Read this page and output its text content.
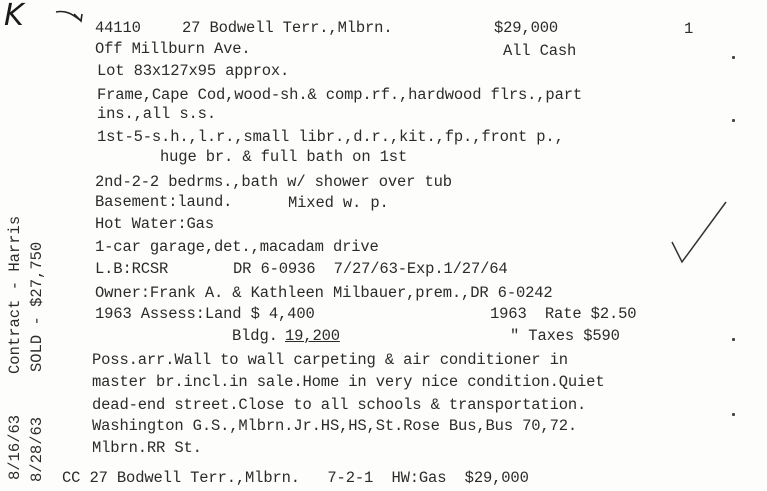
K	44110	27 Bodwell Terr.,Mlbrn.	$29,000	1
Off Millburn Ave.	All Cash
Lot 83x127x95 approx.
Frame,Cape Cod,wood-sh.& comp.rf.,hardwood flrs.,part
ins.,all s.s.
1st-5-s.h.,l.r.,small libr.,d.r.,kit.,fp.,front p.,
huge br. & full bath on 1st
2nd-2-2 bedrms.,bath w/ shower over tub
Basement:laund.	Mixed w. p.
Hot Water:Gas
1-car garage,det.,macadam drive
L.B:RCSR	DR 6-0936  7/27/63-Exp.1/27/64
Owner:Frank A. & Kathleen Milbauer,prem.,DR 6-0242
1963 Assess:Land $ 4,400	1963  Rate $2.50
Bldg. 19,200	" Taxes $590
Poss.arr.Wall to wall carpeting & air conditioner in
master br.incl.in sale.Home in very nice condition.Quiet
dead-end street.Close to all schools & transportation.
Washington G.S.,Mlbrn.Jr.HS,HS,St.Rose Bus,Bus 70,72.
Mlbrn.RR St.
CC 27 Bodwell Terr.,Mlbrn.   7-2-1  HW:Gas  $29,000
8/16/63
Contract - Harris
8/28/63
SOLD - $27,750
